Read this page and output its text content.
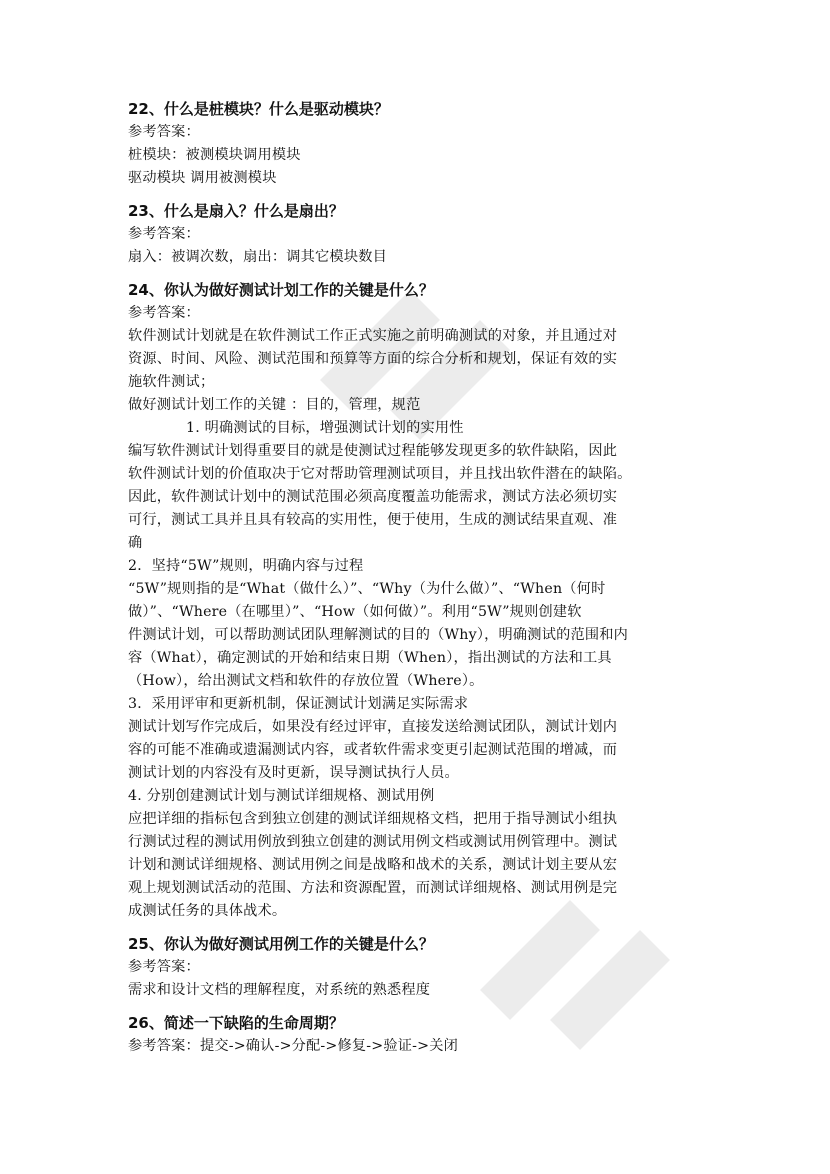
22、什么是桩模块？什么是驱动模块？

参考答案：

桩模块：被测模块调用模块

驱动模块 调用被测模块

23、什么是扇入？什么是扇出？

参考答案：

扇入：被调次数，扇出：调其它模块数目

24、你认为做好测试计划工作的关键是什么？

参考答案：

软件测试计划就是在软件测试工作正式实施之前明确测试的对象，并且通过对

资源、时间、风险、测试范围和预算等方面的综合分析和规划，保证有效的实

施软件测试；

做好测试计划工作的关键 ：目的，管理，规范

1. 明确测试的目标，增强测试计划的实用性

编写软件测试计划得重要目的就是使测试过程能够发现更多的软件缺陷，因此

软件测试计划的价值取决于它对帮助管理测试项目，并且找出软件潜在的缺陷。

因此，软件测试计划中的测试范围必须高度覆盖功能需求，测试方法必须切实

可行，测试工具并且具有较高的实用性，便于使用，生成的测试结果直观、准

确

2．坚持“5W”规则，明确内容与过程

“5W”规则指的是“What（做什么）”、“Why（为什么做）”、“When（何时

做）”、“Where（在哪里）”、“How（如何做）”。利用“5W”规则创建软

件测试计划，可以帮助测试团队理解测试的目的（Why），明确测试的范围和内

容（What），确定测试的开始和结束日期（When），指出测试的方法和工具

（How），给出测试文档和软件的存放位置（Where）。

3．采用评审和更新机制，保证测试计划满足实际需求

测试计划写作完成后，如果没有经过评审，直接发送给测试团队，测试计划内

容的可能不准确或遗漏测试内容，或者软件需求变更引起测试范围的增减，而

测试计划的内容没有及时更新，误导测试执行人员。

4. 分别创建测试计划与测试详细规格、测试用例

应把详细的指标包含到独立创建的测试详细规格文档，把用于指导测试小组执

行测试过程的测试用例放到独立创建的测试用例文档或测试用例管理中。测试

计划和测试详细规格、测试用例之间是战略和战术的关系，测试计划主要从宏

观上规划测试活动的范围、方法和资源配置，而测试详细规格、测试用例是完

成测试任务的具体战术。

25、你认为做好测试用例工作的关键是什么？

参考答案：

需求和设计文档的理解程度，对系统的熟悉程度

26、简述一下缺陷的生命周期？

参考答案：提交->确认->分配->修复->验证->关闭
